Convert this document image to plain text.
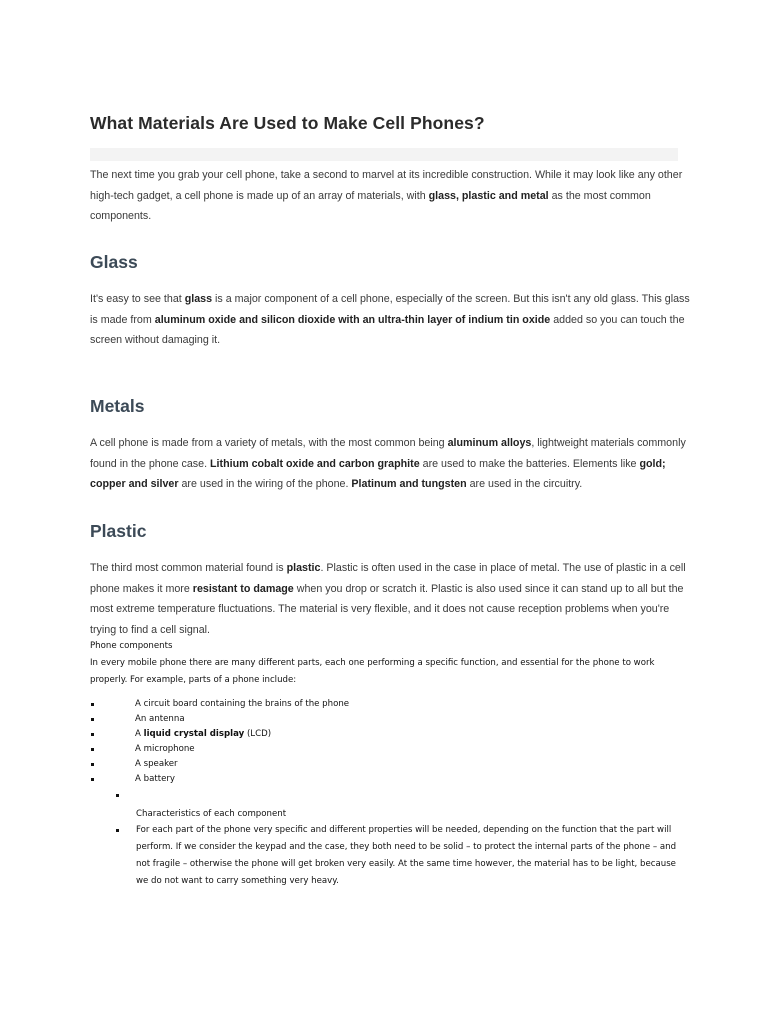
What Materials Are Used to Make Cell Phones?

The next time you grab your cell phone, take a second to marvel at its incredible construction. While it may look like any other high-tech gadget, a cell phone is made up of an array of materials, with glass, plastic and metal as the most common components.

Glass

It's easy to see that glass is a major component of a cell phone, especially of the screen. But this isn't any old glass. This glass is made from aluminum oxide and silicon dioxide with an ultra-thin layer of indium tin oxide added so you can touch the screen without damaging it.

Metals

A cell phone is made from a variety of metals, with the most common being aluminum alloys, lightweight materials commonly found in the phone case. Lithium cobalt oxide and carbon graphite are used to make the batteries. Elements like gold; copper and silver are used in the wiring of the phone. Platinum and tungsten are used in the circuitry.

Plastic

The third most common material found is plastic. Plastic is often used in the case in place of metal. The use of plastic in a cell phone makes it more resistant to damage when you drop or scratch it. Plastic is also used since it can stand up to all but the most extreme temperature fluctuations. The material is very flexible, and it does not cause reception problems when you're trying to find a cell signal.

Phone components
In every mobile phone there are many different parts, each one performing a specific function, and essential for the phone to work properly. For example, parts of a phone include:
A circuit board containing the brains of the phone
An antenna
A liquid crystal display (LCD)
A microphone
A speaker
A battery
Characteristics of each component
For each part of the phone very specific and different properties will be needed, depending on the function that the part will perform. If we consider the keypad and the case, they both need to be solid – to protect the internal parts of the phone – and not fragile – otherwise the phone will get broken very easily. At the same time however, the material has to be light, because we do not want to carry something very heavy.
